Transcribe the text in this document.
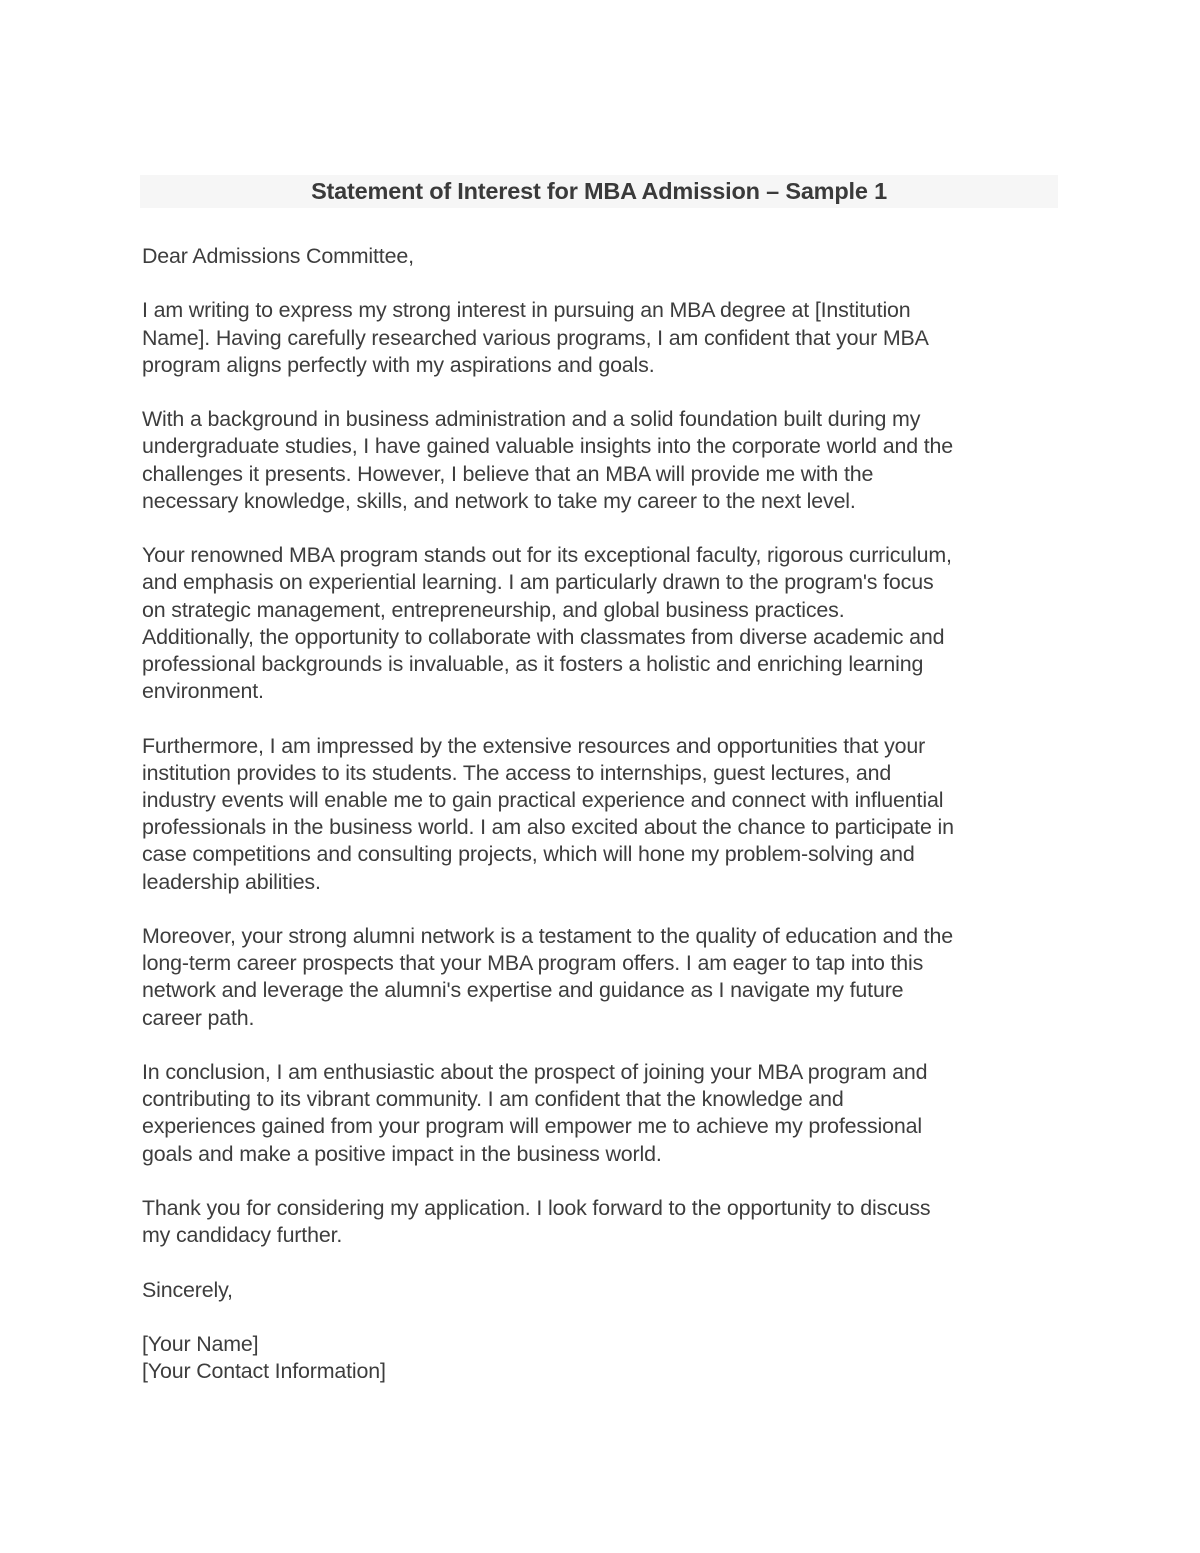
Statement of Interest for MBA Admission – Sample 1

Dear Admissions Committee,

I am writing to express my strong interest in pursuing an MBA degree at [Institution
Name]. Having carefully researched various programs, I am confident that your MBA
program aligns perfectly with my aspirations and goals.

With a background in business administration and a solid foundation built during my
undergraduate studies, I have gained valuable insights into the corporate world and the
challenges it presents. However, I believe that an MBA will provide me with the
necessary knowledge, skills, and network to take my career to the next level.

Your renowned MBA program stands out for its exceptional faculty, rigorous curriculum,
and emphasis on experiential learning. I am particularly drawn to the program's focus
on strategic management, entrepreneurship, and global business practices.
Additionally, the opportunity to collaborate with classmates from diverse academic and
professional backgrounds is invaluable, as it fosters a holistic and enriching learning
environment.

Furthermore, I am impressed by the extensive resources and opportunities that your
institution provides to its students. The access to internships, guest lectures, and
industry events will enable me to gain practical experience and connect with influential
professionals in the business world. I am also excited about the chance to participate in
case competitions and consulting projects, which will hone my problem-solving and
leadership abilities.

Moreover, your strong alumni network is a testament to the quality of education and the
long-term career prospects that your MBA program offers. I am eager to tap into this
network and leverage the alumni's expertise and guidance as I navigate my future
career path.

In conclusion, I am enthusiastic about the prospect of joining your MBA program and
contributing to its vibrant community. I am confident that the knowledge and
experiences gained from your program will empower me to achieve my professional
goals and make a positive impact in the business world.

Thank you for considering my application. I look forward to the opportunity to discuss
my candidacy further.

Sincerely,

[Your Name]
[Your Contact Information]
